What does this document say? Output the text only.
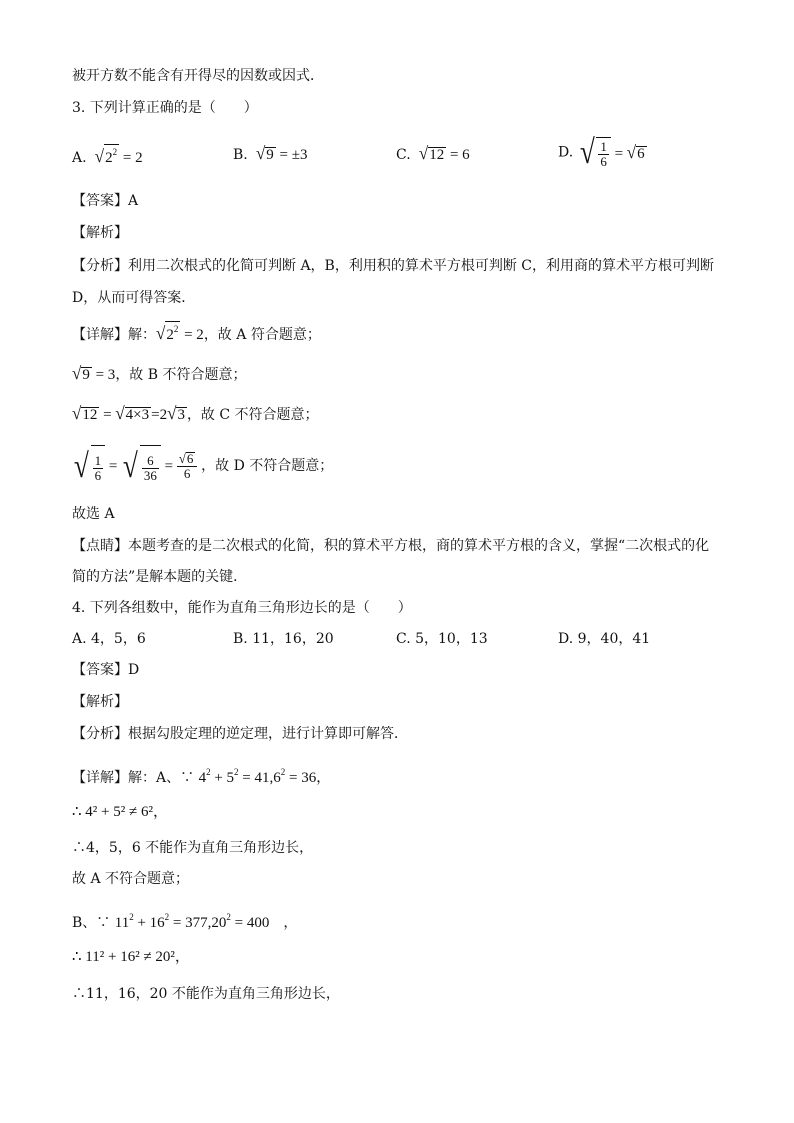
被开方数不能含有开得尽的因数或因式．
3. 下列计算正确的是（　　）
A. $√2^2 = 2$	B. √9 = ±3	C. √12 = 6	D. √ $\frac{1}{6} = √6$
【答案】A
【解析】
【分析】利用二次根式的化简可判断 A，B，利用积的算术平方根可判断 C，利用商的算术平方根可判断
D，从而可得答案．
【详解】解：$√2^2 = 2$，故 A 符合题意；
√9 = 3，故 B 不符合题意；
√12 = √4×3 =2√3 ，故 C 不符合题意；
√ $\frac{1}{6}$ = √ $\frac{6}{36} = \frac{√6}{6}$ ，故 D 不符合题意；
故选 A
【点睛】本题考查的是二次根式的化简，积的算术平方根，商的算术平方根的含义，掌握“二次根式的化
简的方法”是解本题的关键．
4. 下列各组数中，能作为直角三角形边长的是（　　）
A. 4，5，6	B. 11，16，20	C. 5，10，13	D. 9，40，41
【答案】D
【解析】
【分析】根据勾股定理的逆定理，进行计算即可解答．
【详解】解：A、∵ $4^2 + 5^2 = 41,6^2 = 36$，
∴ 4² + 5² ≠ 6²，
∴4，5，6 不能作为直角三角形边长，
故 A 不符合题意；
B、∵ $11^2 + 16^2 = 377,20^2 = 400$　，
∴ 11² + 16² ≠ 20²，
∴11，16，20 不能作为直角三角形边长，
